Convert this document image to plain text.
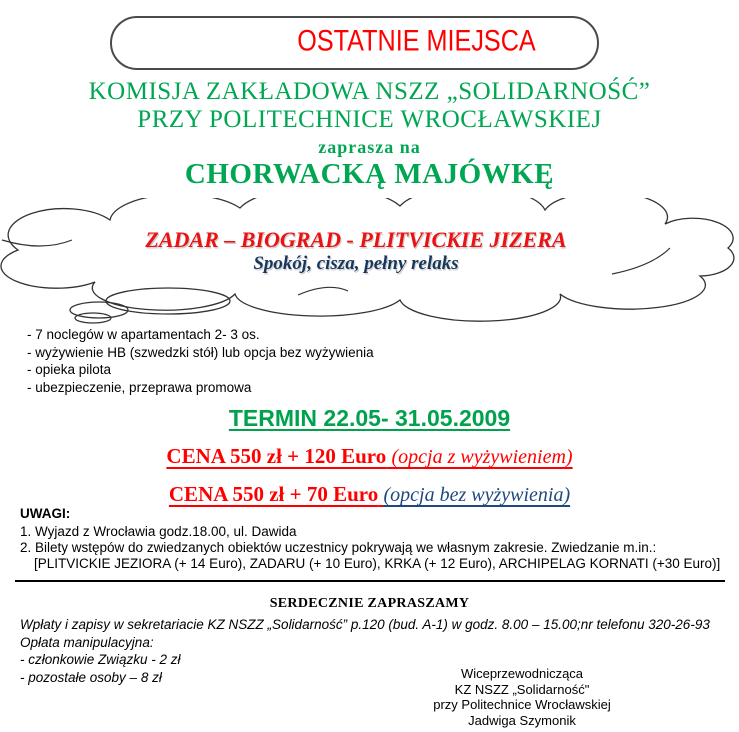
OSTATNIE MIEJSCA
KOMISJA ZAKŁADOWA NSZZ „SOLIDARNOŚĆ”
PRZY POLITECHNICE WROCŁAWSKIEJ
zaprasza na
CHORWACKĄ MAJÓWKĘ
ZADAR – BIOGRAD - PLITVICKIE JIZERA
Spokój, cisza, pełny relaks
- 7 noclegów w apartamentach 2- 3 os.
- wyżywienie HB (szwedzki stół) lub opcja bez wyżywienia
- opieka pilota
- ubezpieczenie, przeprawa promowa
TERMIN 22.05- 31.05.2009
CENA 550 zł + 120 Euro (opcja z wyżywieniem)
CENA 550 zł + 70 Euro (opcja bez wyżywienia)
UWAGI:
1. Wyjazd z Wrocławia godz.18.00, ul. Dawida
2. Bilety wstępów do zwiedzanych obiektów uczestnicy pokrywają we własnym zakresie. Zwiedzanie m.in.: [PLITVICKIE JEZIORA (+ 14 Euro), ZADARU (+ 10 Euro), KRKA (+ 12 Euro), ARCHIPELAG KORNATI (+30 Euro)]
SERDECZNIE ZAPRASZAMY
Wpłaty i zapisy w sekretariacie KZ NSZZ „Solidarność” p.120 (bud. A-1) w godz. 8.00 – 15.00;nr telefonu 320-26-93
Opłata manipulacyjna:
- członkowie Związku - 2 zł
- pozostałe osoby – 8 zł	Wiceprzewodnicząca
KZ NSZZ „Solidarność"
przy Politechnice Wrocławskiej
Jadwiga Szymonik
